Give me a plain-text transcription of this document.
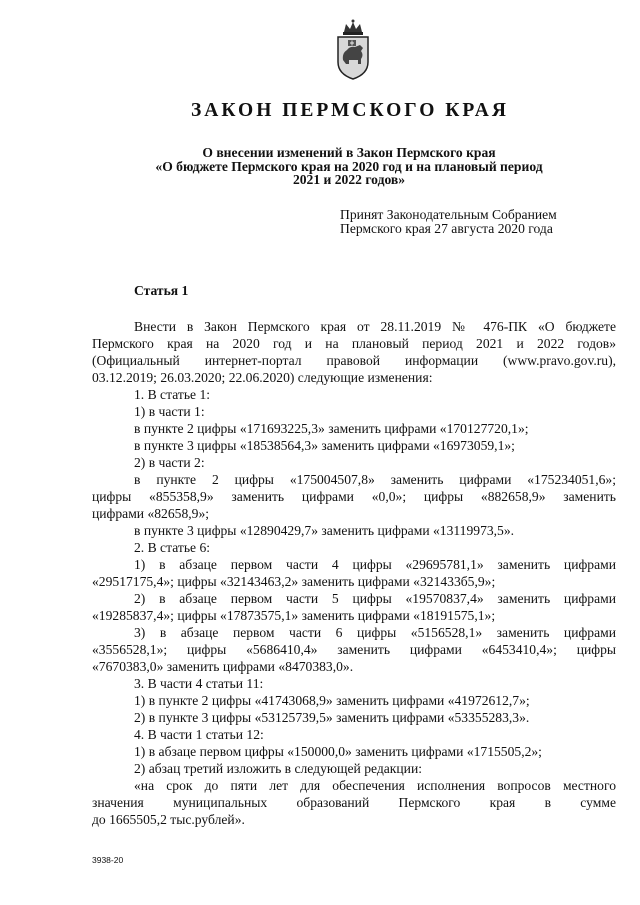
ЗАКОН ПЕРМСКОГО КРАЯ
О внесении изменений в Закон Пермского края
«О бюджете Пермского края на 2020 год и на плановый период
2021 и 2022 годов»
Принят Законодательным Собранием
Пермского края 27 августа 2020 года
Статья 1
Внести в Закон Пермского края от 28.11.2019 № 476-ПК «О бюджете
Пермского края на 2020 год и на плановый период 2021 и 2022 годов»
(Официальный интернет-портал правовой информации (www.pravo.gov.ru),
03.12.2019; 26.03.2020; 22.06.2020) следующие изменения:
1. В статье 1:
1) в части 1:
в пункте 2 цифры «171693225,3» заменить цифрами «170127720,1»;
в пункте 3 цифры «18538564,3» заменить цифрами «16973059,1»;
2) в части 2:
в пункте 2 цифры «175004507,8» заменить цифрами «175234051,6»;
цифры «855358,9» заменить цифрами «0,0»; цифры «882658,9» заменить
цифрами «82658,9»;
в пункте 3 цифры «12890429,7» заменить цифрами «13119973,5».
2. В статье 6:
1) в абзаце первом части 4 цифры «29695781,1» заменить цифрами
«29517175,4»; цифры «32143463,2» заменить цифрами «321433б5,9»;
2) в абзаце первом части 5 цифры «19570837,4» заменить цифрами
«19285837,4»; цифры «17873575,1» заменить цифрами «18191575,1»;
3) в абзаце первом части 6 цифры «5156528,1» заменить цифрами
«3556528,1»; цифры «5686410,4» заменить цифрами «6453410,4»; цифры
«7670383,0» заменить цифрами «8470383,0».
3. В части 4 статьи 11:
1) в пункте 2 цифры «41743068,9» заменить цифрами «41972612,7»;
2) в пункте 3 цифры «53125739,5» заменить цифрами «53355283,3».
4. В части 1 статьи 12:
1) в абзаце первом цифры «150000,0» заменить цифрами «1715505,2»;
2) абзац третий изложить в следующей редакции:
«на срок до пяти лет для обеспечения исполнения вопросов местного
значения муниципальных образований Пермского края в сумме
до 1665505,2 тыс.рублей».
3938-20
